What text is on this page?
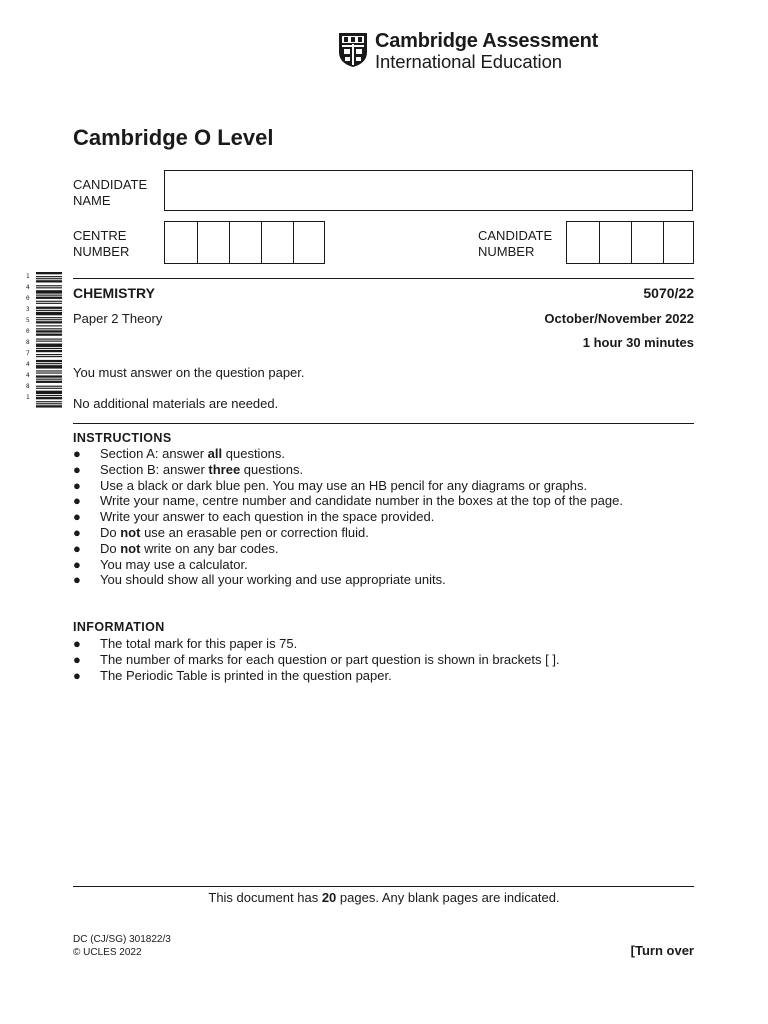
Cambridge Assessment
International Education
Cambridge O Level
CANDIDATE
NAME
CENTRE
NUMBER
CANDIDATE
NUMBER
1
4
0
3
5
0
8
7
4
4
8
1
CHEMISTRY	5070/22
Paper 2 Theory	October/November 2022
1 hour 30 minutes
You must answer on the question paper.
No additional materials are needed.
INSTRUCTIONS
● Section A: answer all questions.
● Section B: answer three questions.
● Use a black or dark blue pen. You may use an HB pencil for any diagrams or graphs.
● Write your name, centre number and candidate number in the boxes at the top of the page.
● Write your answer to each question in the space provided.
● Do not use an erasable pen or correction fluid.
● Do not write on any bar codes.
● You may use a calculator.
● You should show all your working and use appropriate units.
INFORMATION
● The total mark for this paper is 75.
● The number of marks for each question or part question is shown in brackets [ ].
● The Periodic Table is printed in the question paper.
This document has 20 pages. Any blank pages are indicated.
DC (CJ/SG) 301822/3
© UCLES 2022	[Turn over
